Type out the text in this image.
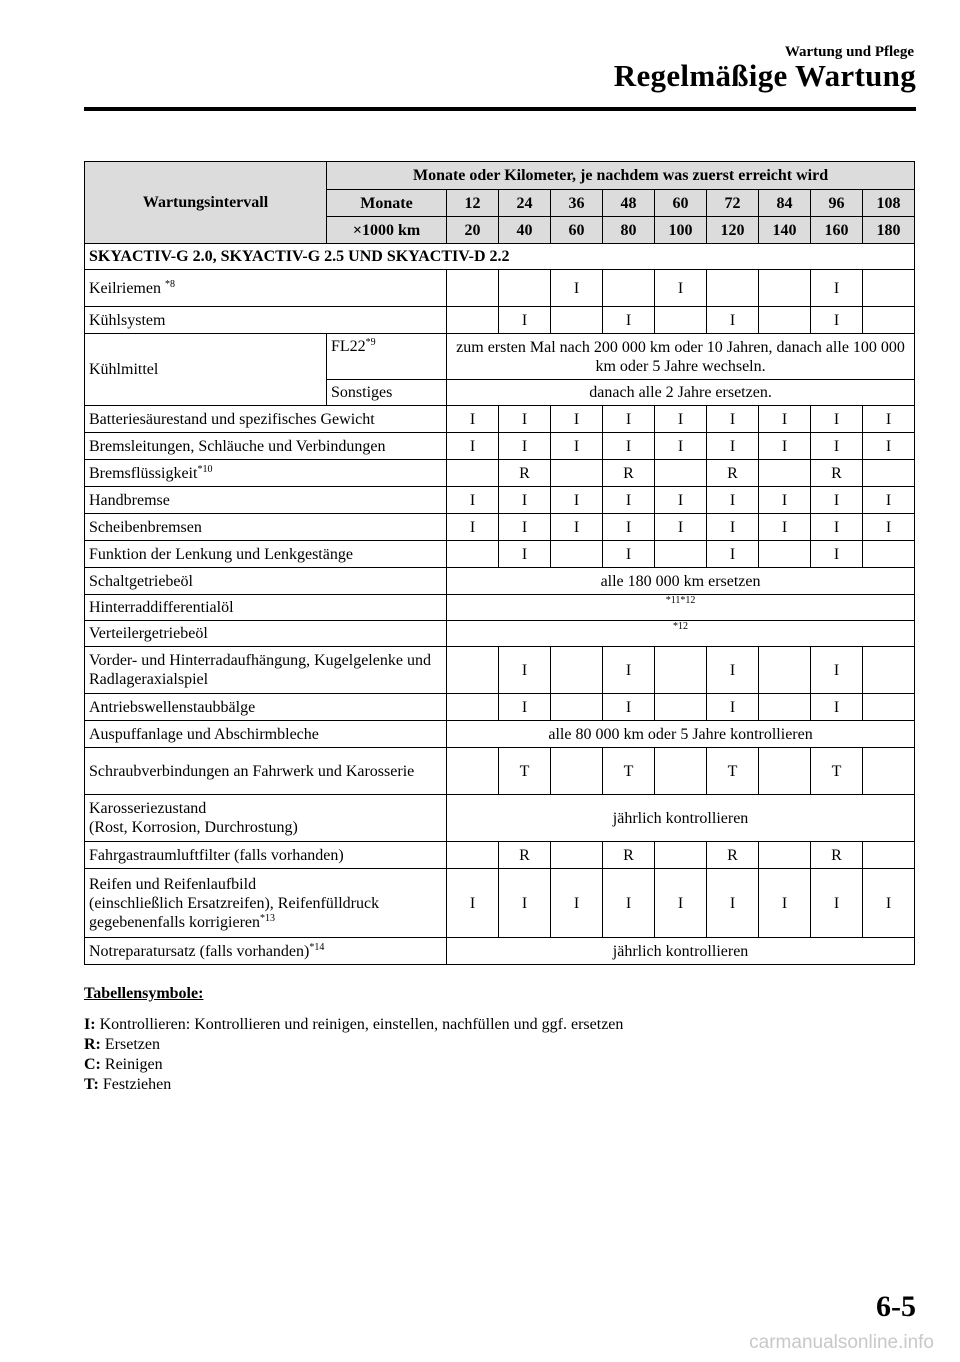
Wartung und Pflege
Regelmäßige Wartung
Wartungsintervall	Monate oder Kilometer, je nachdem was zuerst erreicht wird									
	Monate	12	24	36	48	60	72	84	96	108
	×1000 km	20	40	60	80	100	120	140	160	180
SKYACTIV-G 2.0, SKYACTIV-G 2.5 UND SKYACTIV-D 2.2										
Keilriemen $^{*8}$				I		I			I	
Kühlsystem			I		I		I		I	
Kühlmittel	FL22$^{*9}$	zum ersten Mal nach 200 000 km oder 10 Jahren, danach alle 100 000 km oder 5 Jahre wechseln.								
	Sonstiges	danach alle 2 Jahre ersetzen.								
Batteriesäurestand und spezifisches Gewicht		I	I	I	I	I	I	I	I	I
Bremsleitungen, Schläuche und Verbindungen		I	I	I	I	I	I	I	I	I
Bremsflüssigkeit$^{*10}$			R		R		R		R	
Handbremse		I	I	I	I	I	I	I	I	I
Scheibenbremsen		I	I	I	I	I	I	I	I	I
Funktion der Lenkung und Lenkgestänge			I		I		I		I	
Schaltgetriebeöl		alle 180 000 km ersetzen								
Hinterraddifferentialöl		$^{*11*12}$
Verteilergetriebeöl		$^{*12}$
Vorder- und Hinterradaufhängung, Kugelgelenke und Radlageraxialspiel			I		I		I		I	
Antriebswellenstaubbälge			I		I		I		I	
Auspuffanlage und Abschirmbleche		alle 80 000 km oder 5 Jahre kontrollieren								
Schraubverbindungen an Fahrwerk und Karosserie			T		T		T		T	
Karosseriezustand
(Rost, Korrosion, Durchrostung)		jährlich kontrollieren								
Fahrgastraumluftfilter (falls vorhanden)			R		R		R		R	
Reifen und Reifenlaufbild
(einschließlich Ersatzreifen), Reifenfülldruck
gegebenenfalls korrigieren$^{*13}$		I	I	I	I	I	I	I	I	I
Notreparatursatz (falls vorhanden)$^{*14}$		jährlich kontrollieren								
Tabellensymbole:
I: Kontrollieren: Kontrollieren und reinigen, einstellen, nachfüllen und ggf. ersetzen
R: Ersetzen
C: Reinigen
T: Festziehen
6-5
carmanualsonline.info
